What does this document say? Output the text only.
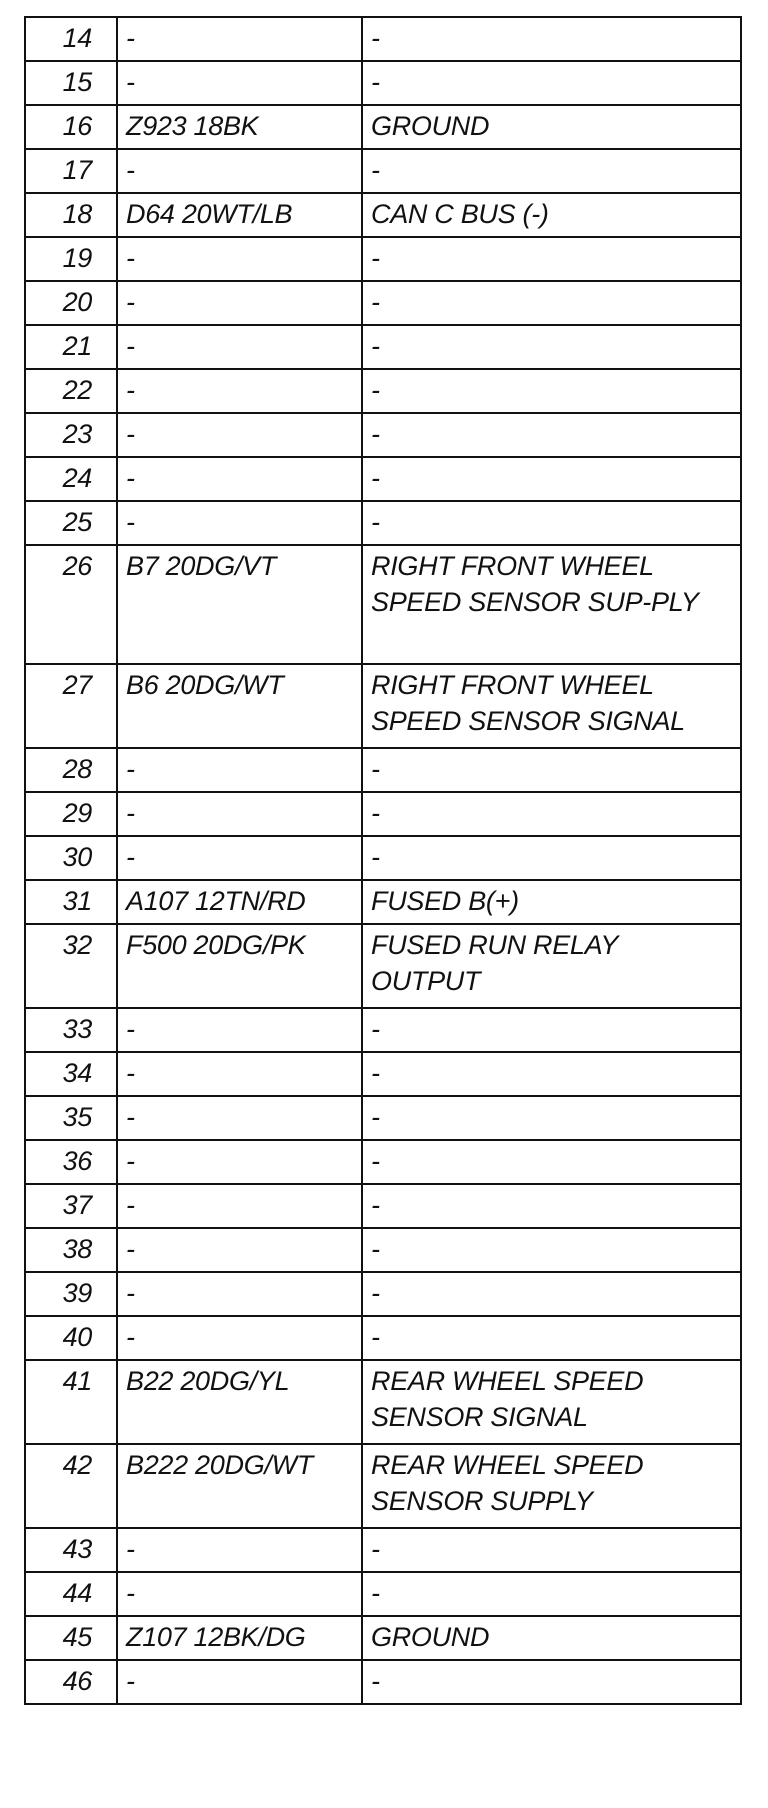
14	-	-
15	-	-
16	Z923 18BK	GROUND
17	-	-
18	D64 20WT/LB	CAN C BUS (-)
19	-	-
20	-	-
21	-	-
22	-	-
23	-	-
24	-	-
25	-	-
26	B7 20DG/VT	RIGHT FRONT WHEEL SPEED SENSOR SUP-PLY
27	B6 20DG/WT	RIGHT FRONT WHEEL SPEED SENSOR SIGNAL
28	-	-
29	-	-
30	-	-
31	A107 12TN/RD	FUSED B(+)
32	F500 20DG/PK	FUSED RUN RELAY OUTPUT
33	-	-
34	-	-
35	-	-
36	-	-
37	-	-
38	-	-
39	-	-
40	-	-
41	B22 20DG/YL	REAR WHEEL SPEED SENSOR SIGNAL
42	B222 20DG/WT	REAR WHEEL SPEED SENSOR SUPPLY
43	-	-
44	-	-
45	Z107 12BK/DG	GROUND
46	-	-
